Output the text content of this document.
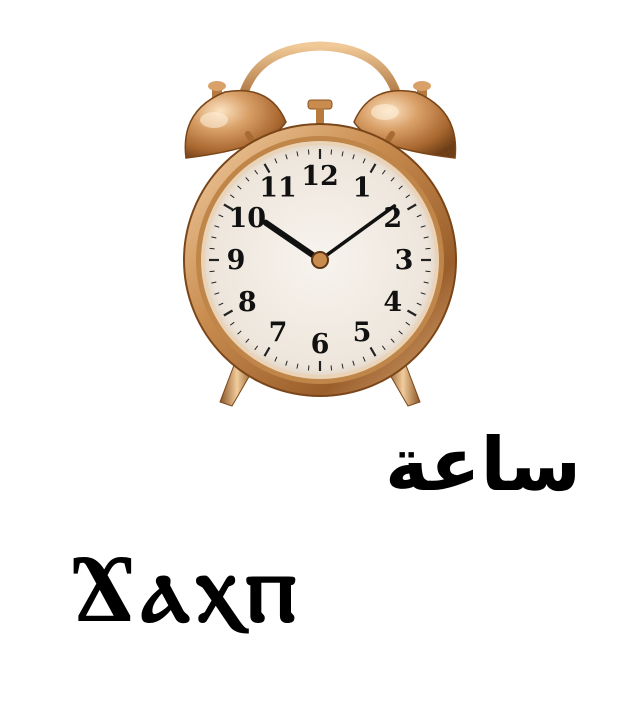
12 1
2
3
4
5
6
7
8
9
10
11
ساعة
Ϫⲁⲭⲡ
